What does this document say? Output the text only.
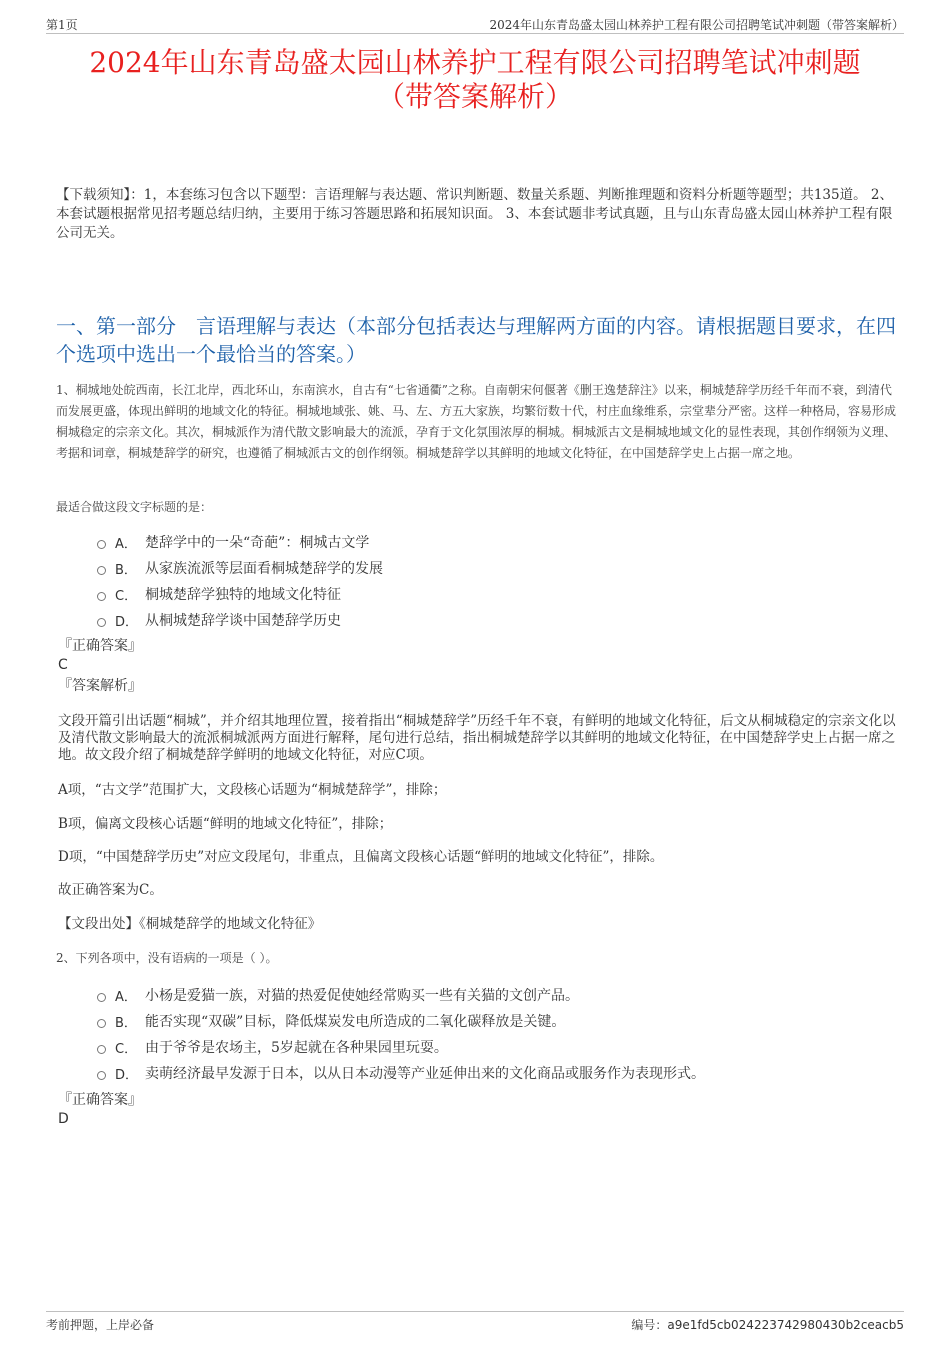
第1页	2024年山东青岛盛太园山林养护工程有限公司招聘笔试冲刺题（带答案解析）
2024年山东青岛盛太园山林养护工程有限公司招聘笔试冲刺题
（带答案解析）
【下载须知】：1，本套练习包含以下题型：言语理解与表达题、常识判断题、数量关系题、判断推理题和资料分析题等题型；共135道。 2、本套试题根据常见招考题总结归纳，主要用于练习答题思路和拓展知识面。 3、本套试题非考试真题，且与山东青岛盛太园山林养护工程有限公司无关。
一、第一部分　言语理解与表达（本部分包括表达与理解两方面的内容。请根据题目要求，在四个选项中选出一个最恰当的答案。）
1、桐城地处皖西南，长江北岸，西北环山，东南滨水，自古有“七省通衢”之称。自南朝宋何偃著《删王逸楚辞注》以来，桐城楚辞学历经千年而不衰，到清代而发展更盛，体现出鲜明的地域文化的特征。桐城地域张、姚、马、左、方五大家族，均繁衍数十代，村庄血缘维系，宗堂辈分严密。这样一种格局，容易形成桐城稳定的宗亲文化。其次，桐城派作为清代散文影响最大的流派，孕育于文化氛围浓厚的桐城。桐城派古文是桐城地域文化的显性表现，其创作纲领为义理、考据和词章，桐城楚辞学的研究，也遵循了桐城派古文的创作纲领。桐城楚辞学以其鲜明的地域文化特征，在中国楚辞学史上占据一席之地。
最适合做这段文字标题的是：
A． 楚辞学中的一朵“奇葩”：桐城古文学
B． 从家族流派等层面看桐城楚辞学的发展
C． 桐城楚辞学独特的地域文化特征
D． 从桐城楚辞学谈中国楚辞学历史
『正确答案』
C
『答案解析』
文段开篇引出话题“桐城”，并介绍其地理位置，接着指出“桐城楚辞学”历经千年不衰，有鲜明的地域文化特征，后文从桐城稳定的宗亲文化以及清代散文影响最大的流派桐城派两方面进行解释，尾句进行总结，指出桐城楚辞学以其鲜明的地域文化特征，在中国楚辞学史上占据一席之地。故文段介绍了桐城楚辞学鲜明的地域文化特征，对应C项。
A项，“古文学”范围扩大，文段核心话题为“桐城楚辞学”，排除；
B项，偏离文段核心话题“鲜明的地域文化特征”，排除；
D项，“中国楚辞学历史”对应文段尾句，非重点，且偏离文段核心话题“鲜明的地域文化特征”，排除。
故正确答案为C。
【文段出处】《桐城楚辞学的地域文化特征》
2、下列各项中，没有语病的一项是（ ）。
A． 小杨是爱猫一族，对猫的热爱促使她经常购买一些有关猫的文创产品。
B． 能否实现“双碳”目标，降低煤炭发电所造成的二氧化碳释放是关键。
C． 由于爷爷是农场主，5岁起就在各种果园里玩耍。
D． 卖萌经济最早发源于日本，以从日本动漫等产业延伸出来的文化商品或服务作为表现形式。
『正确答案』
D
考前押题，上岸必备	编号：a9e1fd5cb024223742980430b2ceacb5
